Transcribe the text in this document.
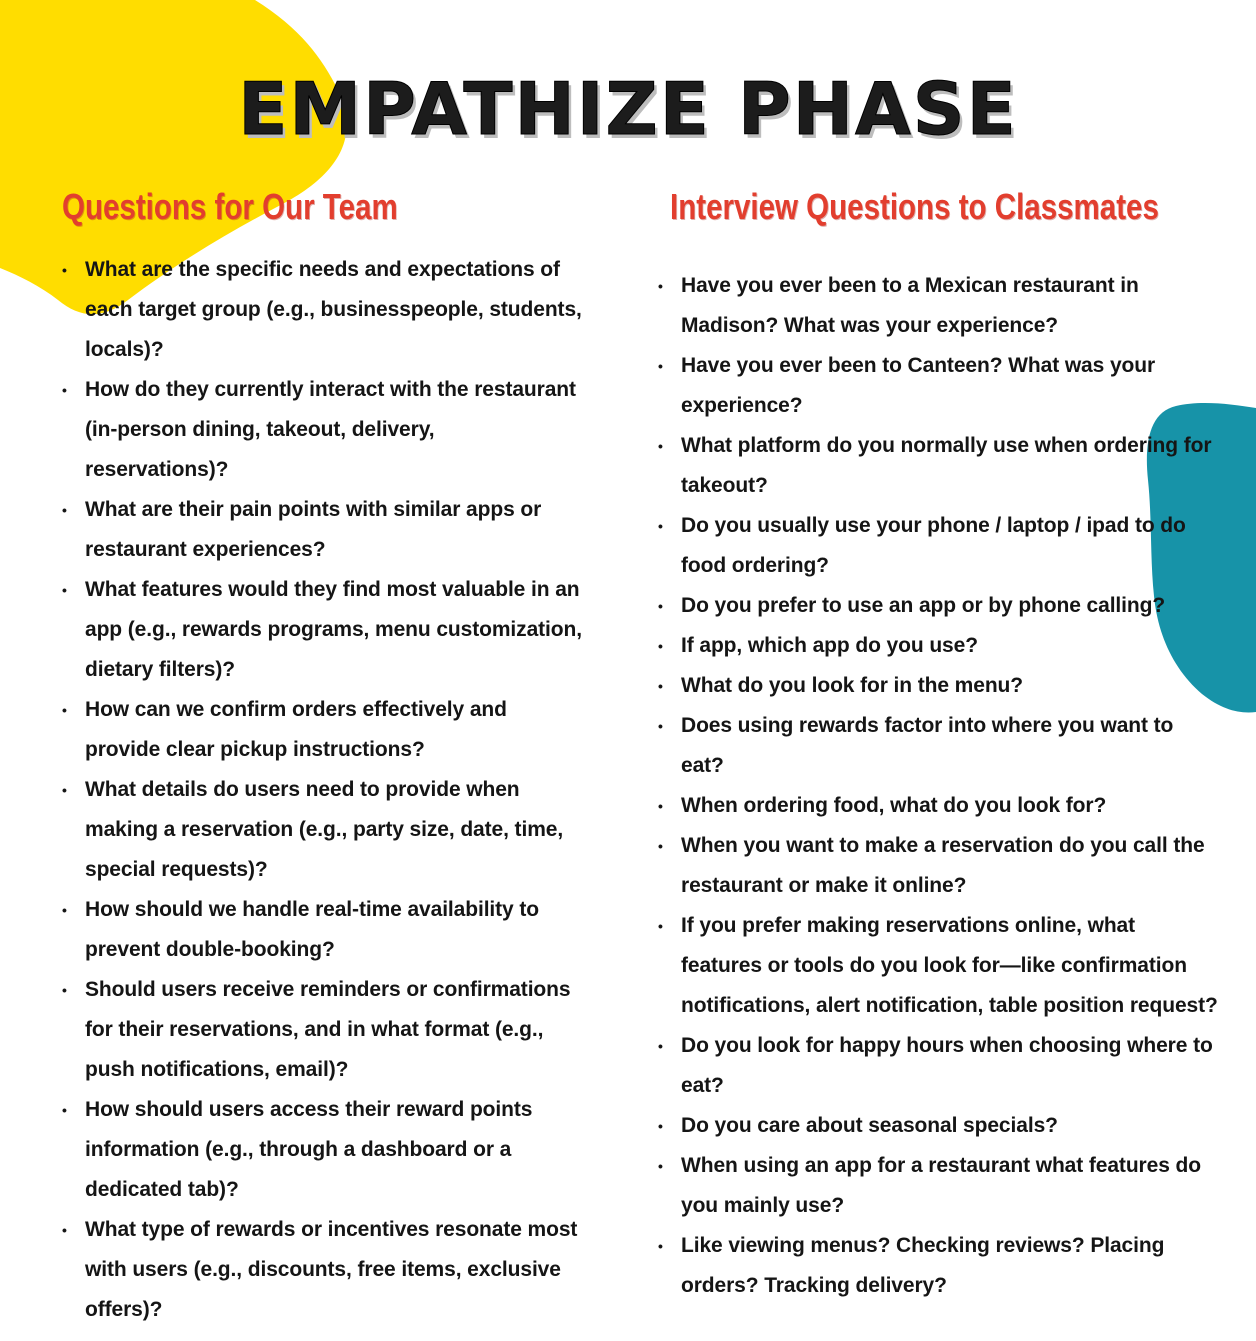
EMPATHIZE PHASE
Questions for Our Team
• What are the specific needs and expectations of each target group (e.g., businesspeople, students, locals)?
• How do they currently interact with the restaurant (in-person dining, takeout, delivery, reservations)?
• What are their pain points with similar apps or restaurant experiences?
• What features would they find most valuable in an app (e.g., rewards programs, menu customization, dietary filters)?
• How can we confirm orders effectively and provide clear pickup instructions?
• What details do users need to provide when making a reservation (e.g., party size, date, time, special requests)?
• How should we handle real-time availability to prevent double-booking?
• Should users receive reminders or confirmations for their reservations, and in what format (e.g., push notifications, email)?
• How should users access their reward points information (e.g., through a dashboard or a dedicated tab)?
• What type of rewards or incentives resonate most with users (e.g., discounts, free items, exclusive offers)?
Interview Questions to Classmates
• Have you ever been to a Mexican restaurant in Madison? What was your experience?
• Have you ever been to Canteen? What was your experience?
• What platform do you normally use when ordering for takeout?
• Do you usually use your phone / laptop / ipad to do food ordering?
• Do you prefer to use an app or by phone calling?
• If app, which app do you use?
• What do you look for in the menu?
• Does using rewards factor into where you want to eat?
• When ordering food, what do you look for?
• When you want to make a reservation do you call the restaurant or make it online?
• If you prefer making reservations online, what features or tools do you look for—like confirmation notifications, alert notification, table position request?
• Do you look for happy hours when choosing where to eat?
• Do you care about seasonal specials?
• When using an app for a restaurant what features do you mainly use?
• Like viewing menus? Checking reviews? Placing orders? Tracking delivery?
